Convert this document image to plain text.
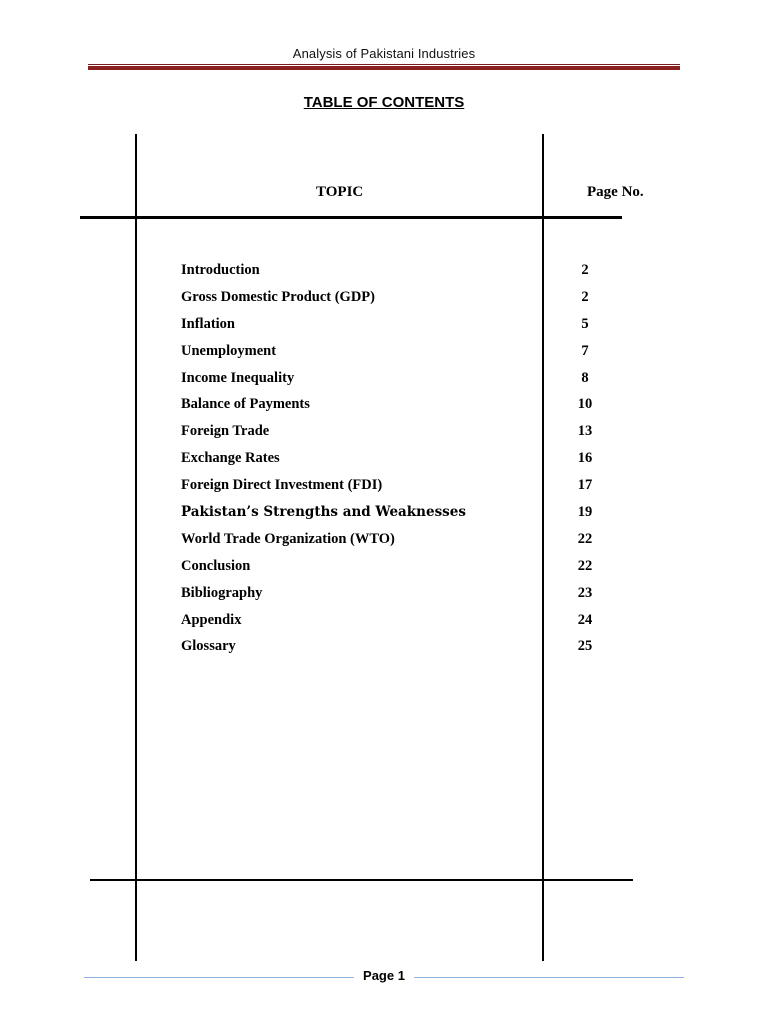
Analysis of Pakistani Industries
TABLE OF CONTENTS
TOPIC	Page No.
Introduction	2
Gross Domestic Product (GDP)	2
Inflation	5
Unemployment	7
Income Inequality	8
Balance of Payments	10
Foreign Trade	13
Exchange Rates	16
Foreign Direct Investment (FDI)	17
Pakistan’s Strengths and Weaknesses	19
World Trade Organization (WTO)	22
Conclusion	22
Bibliography	23
Appendix	24
Glossary	25
Page 1
